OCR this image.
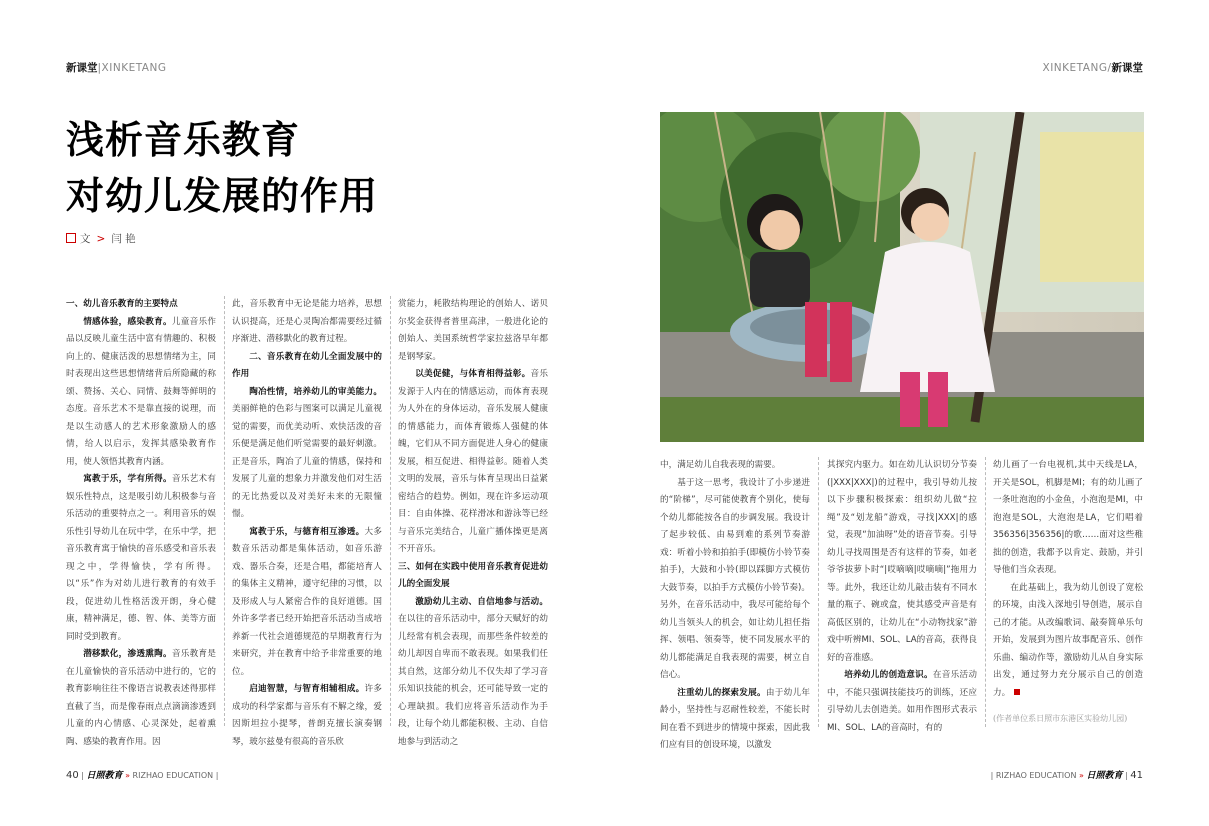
新课堂|XINKETANG	XINKETANG/新课堂
浅析音乐教育
对幼儿发展的作用
文 > 闫 艳

一、幼儿音乐教育的主要特点

情感体验，感染教育。儿童音乐作品以反映儿童生活中富有情趣的、积极向上的、健康活泼的思想情绪为主，同时表现出这些思想情绪背后所隐藏的称颂、赞扬、关心、同情、鼓舞等鲜明的态度。音乐艺术不是靠直接的说理，而是以生动感人的艺术形象激励人的感情，给人以启示，发挥其感染教育作用，使人领悟其教育内涵。

寓教于乐，学有所得。音乐艺术有娱乐性特点，这是吸引幼儿积极参与音乐活动的重要特点之一。利用音乐的娱乐性引导幼儿在玩中学，在乐中学，把音乐教育寓于愉快的音乐感受和音乐表现之中，学得愉快，学有所得。以“乐”作为对幼儿进行教育的有效手段，促进幼儿性格活泼开朗，身心健康，精神满足，德、智、体、美等方面同时受到教育。

潜移默化，渗透熏陶。音乐教育是在儿童愉快的音乐活动中进行的，它的教育影响往往不像语言说教表述得那样直截了当，而是像春雨点点滴滴渗透到儿童的内心情感、心灵深处，起着熏陶、感染的教育作用。因

此，音乐教育中无论是能力培养，思想认识提高，还是心灵陶冶都需要经过循序渐进、潜移默化的教育过程。

二、音乐教育在幼儿全面发展中的作用

陶冶性情，培养幼儿的审美能力。美丽鲜艳的色彩与图案可以满足儿童视觉的需要，而优美动听、欢快活泼的音乐便是满足他们听觉需要的最好刺激。正是音乐，陶冶了儿童的情感，保持和发展了儿童的想象力并激发他们对生活的无比热爱以及对美好未来的无限憧憬。

寓教于乐，与德育相互渗透。大多数音乐活动都是集体活动，如音乐游戏、器乐合奏，还是合唱，都能培育人的集体主义精神，遵守纪律的习惯，以及形成人与人紧密合作的良好道德。国外许多学者已经开始把音乐活动当成培养新一代社会道德规范的早期教育行为来研究，并在教育中给予非常重要的地位。

启迪智慧，与智育相辅相成。许多成功的科学家都与音乐有不解之缘，爱因斯坦拉小提琴，普朗克擅长演奏钢琴，玻尔兹曼有很高的音乐欣

赏能力，耗散结构理论的创始人、诺贝尔奖金获得者普里高津，一般进化论的创始人、美国系统哲学家拉兹洛早年都是钢琴家。

以美促健，与体育相得益彰。音乐发源于人内在的情感运动，而体育表现为人外在的身体运动，音乐发展人健康的情感能力，而体育锻炼人强健的体魄，它们从不同方面促进人身心的健康发展，相互促进、相得益彰。随着人类文明的发展，音乐与体育呈现出日益紧密结合的趋势。例如，现在许多运动项目：自由体操、花样滑冰和游泳等已经与音乐完美结合，儿童广播体操更是离不开音乐。

三、如何在实践中使用音乐教育促进幼儿的全面发展

激励幼儿主动、自信地参与活动。在以往的音乐活动中，部分天赋好的幼儿经常有机会表现，而那些条件较差的幼儿却因自卑而不敢表现。如果我们任其自然，这部分幼儿不仅失却了学习音乐知识技能的机会，还可能导致一定的心理缺损。我们应将音乐活动作为手段，让每个幼儿都能积极、主动、自信地参与到活动之

中，满足幼儿自我表现的需要。

基于这一思考，我设计了小步递进的“阶梯”，尽可能使教育个别化，使每个幼儿都能按各自的步调发展。我设计了起步较低、由易到难的系列节奏游戏：听着小铃和拍拍手(即模仿小铃节奏拍手)，大鼓和小铃(即以踩脚方式模仿大鼓节奏，以拍手方式模仿小铃节奏)。另外，在音乐活动中，我尽可能给每个幼儿当领头人的机会，如让幼儿担任指挥、领唱、领奏等，使不同发展水平的幼儿都能满足自我表现的需要，树立自信心。

注重幼儿的探索发展。由于幼儿年龄小，坚持性与忍耐性较差，不能长时间在看不到进步的情境中探索，因此我们应有目的创设环境，以激发

其探究内驱力。如在幼儿认识切分节奏(|XXX|XXX|)的过程中，我引导幼儿按以下步骤积极探索：组织幼儿做“拉绳”及“划龙船”游戏，寻找|XXX|的感觉，表现“加油呀”处的语音节奏。引导幼儿寻找周围是否有这样的节奏，如老爷爷拔萝卜时“|哎嘀嘀|哎嘀嘀|”拖用力等。此外，我还让幼儿敲击装有不同水量的瓶子、碗或盒，使其感受声音是有高低区别的，让幼儿在“小动物找家”游戏中听辨MI、SOL、LA的音高，获得良好的音准感。

培养幼儿的创造意识。在音乐活动中，不能只强调技能技巧的训练，还应引导幼儿去创造美。如用作图形式表示MI、SOL、LA的音高时，有的

幼儿画了一台电视机,其中天线是LA，开关是SOL，机脚是MI；有的幼儿画了一条吐泡泡的小金鱼，小泡泡是MI，中泡泡是SOL，大泡泡是LA，它们唱着356356|356356|的歌……面对这些稚拙的创造，我都予以肯定、鼓励，并引导他们当众表现。

在此基础上，我为幼儿创设了宽松的环境，由浅入深地引导创造，展示自己的才能。从改编歌词、敲奏简单乐句开始，发展到为图片故事配音乐、创作乐曲、编动作等，激励幼儿从自身实际出发，通过努力充分展示自己的创造力。

(作者单位系日照市东港区实验幼儿园)
40 | 日照教育 » RIZHAO EDUCATION |	| RIZHAO EDUCATION » 日照教育 | 41
